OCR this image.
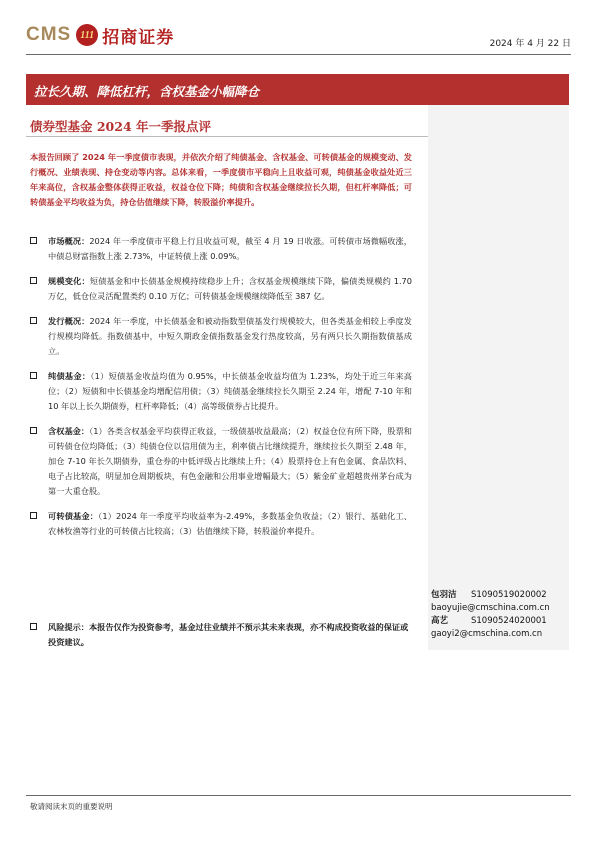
CMS 111 招商证券	2024 年 4 月 22 日
拉长久期、降低杠杆，含权基金小幅降仓
债券型基金 2024 年一季报点评
本报告回顾了 2024 年一季度债市表现，并依次介绍了纯债基金、含权基金、可转债基金的规模变动、发行概况、业绩表现、持仓变动等内容。总体来看，一季度债市平稳向上且收益可观，纯债基金收益处近三年来高位，含权基金整体获得正收益，权益仓位下降；纯债和含权基金继续拉长久期，但杠杆率降低；可转债基金平均收益为负，持仓估值继续下降，转股溢价率提升。
市场概况：2024 年一季度债市平稳上行且收益可观，截至 4 月 19 日收涨。可转债市场微幅收涨，中债总财富指数上涨 2.73%，中证转债上涨 0.09%。
规模变化：短债基金和中长债基金规模持续稳步上升；含权基金规模继续下降，偏债类规模约 1.70 万亿，低仓位灵活配置类约 0.10 万亿；可转债基金规模继续降低至 387 亿。
发行概况：2024 年一季度，中长债基金和被动指数型债基发行规模较大，但各类基金相较上季度发行规模均降低。指数债基中，中短久期政金债指数基金发行热度较高，另有两只长久期指数债基成立。
纯债基金：（1）短债基金收益均值为 0.95%，中长债基金收益均值为 1.23%，均处于近三年来高位；（2）短债和中长债基金均增配信用债；（3）纯债基金继续拉长久期至 2.24 年，增配 7-10 年和 10 年以上长久期债券，杠杆率降低；（4）高等级债券占比提升。
含权基金：（1）各类含权基金平均获得正收益，一级债基收益最高；（2）权益仓位有所下降，股票和可转债仓位均降低；（3）纯债仓位以信用债为主，利率债占比继续提升，继续拉长久期至 2.48 年，加仓 7-10 年长久期债券，重仓券的中低评级占比继续上升；（4）股票持仓上有色金属、食品饮料、电子占比较高，明显加仓周期板块，有色金融和公用事业增幅最大；（5）紫金矿业超越贵州茅台成为第一大重仓股。
可转债基金：（1）2024 年一季度平均收益率为-2.49%，多数基金负收益；（2）银行、基础化工、农林牧渔等行业的可转债占比较高；（3）估值继续下降，转股溢价率提升。
包羽洁	S1090519020002
baoyujie@cmschina.com.cn
高艺	S1090524020001
gaoyi2@cmschina.com.cn
风险提示：本报告仅作为投资参考，基金过往业绩并不预示其未来表现，亦不构成投资收益的保证或投资建议。
敬请阅读末页的重要说明
